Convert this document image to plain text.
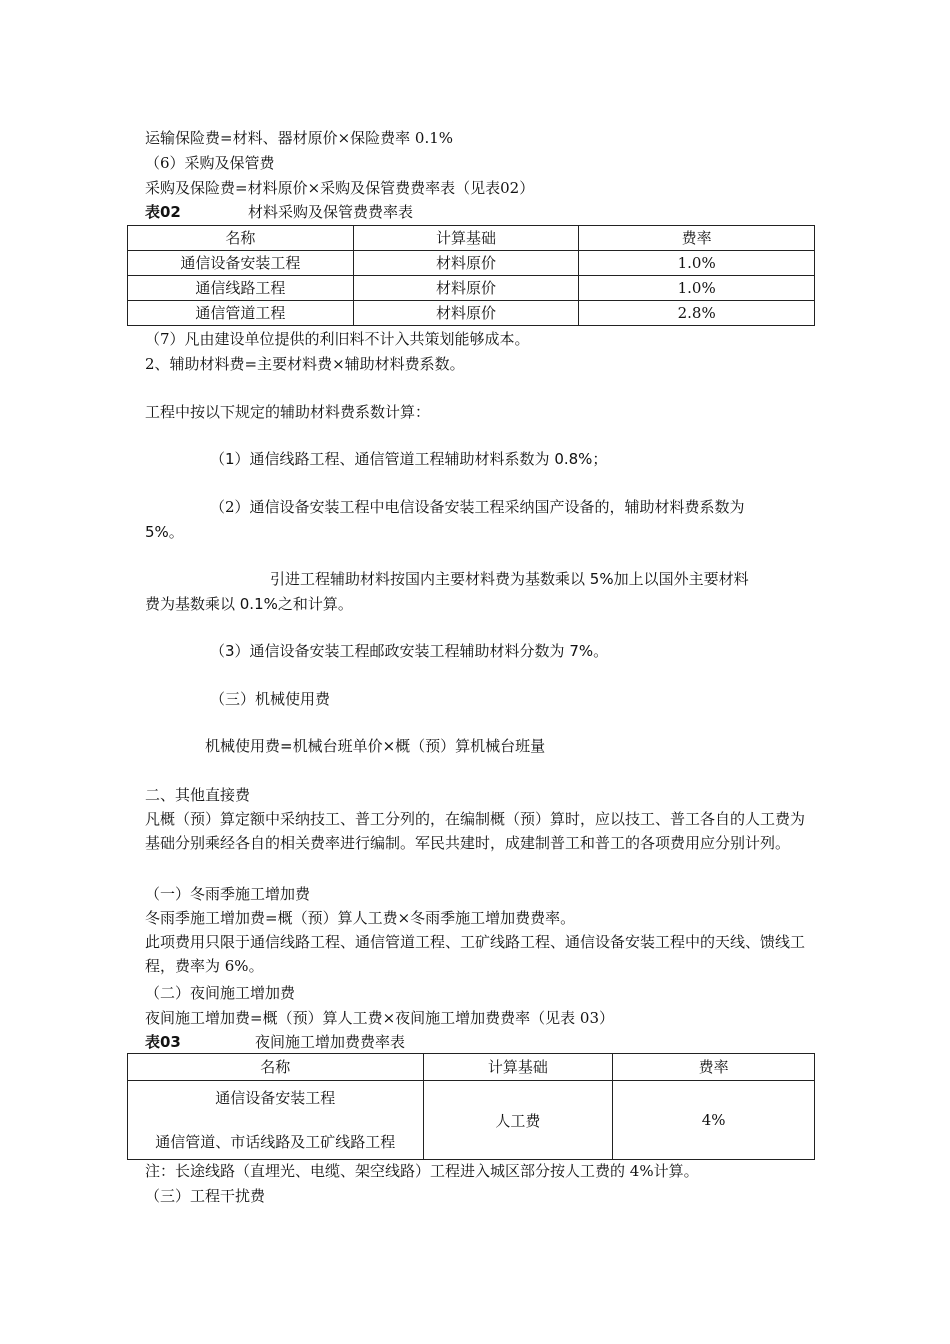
运输保险费=材料、器材原价×保险费率 0.1%
（6）采购及保管费
采购及保险费=材料原价×采购及保管费费率表（见表02）
表02	材料采购及保管费费率表
名称	计算基础	费率
通信设备安装工程	材料原价	1.0%
通信线路工程	材料原价	1.0%
通信管道工程	材料原价	2.8%
（7）凡由建设单位提供的利旧料不计入共策划能够成本。
2、辅助材料费=主要材料费×辅助材料费系数。
工程中按以下规定的辅助材料费系数计算：
（1）通信线路工程、通信管道工程辅助材料系数为 0.8%；
（2）通信设备安装工程中电信设备安装工程采纳国产设备的，辅助材料费系数为
5%。
引进工程辅助材料按国内主要材料费为基数乘以 5%加上以国外主要材料
费为基数乘以 0.1%之和计算。
（3）通信设备安装工程邮政安装工程辅助材料分数为 7%。
（三）机械使用费
机械使用费=机械台班单价×概（预）算机械台班量
二、其他直接费
凡概（预）算定额中采纳技工、普工分列的，在编制概（预）算时，应以技工、普工各自的人工费为基础分别乘经各自的相关费率进行编制。军民共建时，成建制普工和普工的各项费用应分别计列。
（一）冬雨季施工增加费
冬雨季施工增加费=概（预）算人工费×冬雨季施工增加费费率。
此项费用只限于通信线路工程、通信管道工程、工矿线路工程、通信设备安装工程中的天线、馈线工程，费率为 6%。
（二）夜间施工增加费
夜间施工增加费=概（预）算人工费×夜间施工增加费费率（见表 03）
表03	夜间施工增加费费率表
名称	计算基础	费率

通信设备安装工程
通信管道、市话线路及工矿线路工程	人工费	4%
注：长途线路（直埋光、电缆、架空线路）工程进入城区部分按人工费的 4%计算。
（三）工程干扰费
